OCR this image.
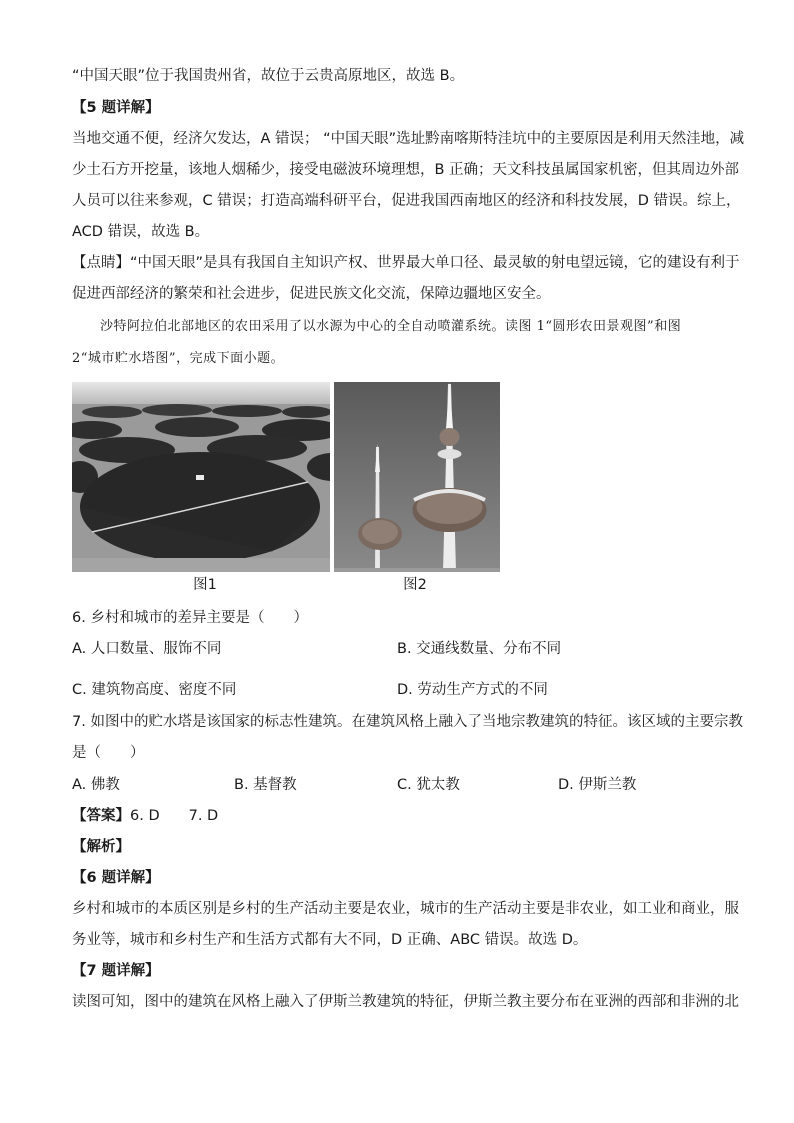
“中国天眼”位于我国贵州省，故位于云贵高原地区，故选 B。
【5 题详解】
当地交通不便，经济欠发达，A 错误； “中国天眼”选址黔南喀斯特洼坑中的主要原因是利用天然洼地，减
少土石方开挖量，该地人烟稀少，接受电磁波环境理想，B 正确；天文科技虽属国家机密，但其周边外部
人员可以往来参观，C 错误；打造高端科研平台，促进我国西南地区的经济和科技发展，D 错误。综上，
ACD 错误，故选 B。
【点睛】“中国天眼”是具有我国自主知识产权、世界最大单口径、最灵敏的射电望远镜，它的建设有利于
促进西部经济的繁荣和社会进步，促进民族文化交流，保障边疆地区安全。
沙特阿拉伯北部地区的农田采用了以水源为中心的全自动喷灌系统。读图 1“圆形农田景观图”和图
2“城市贮水塔图”，完成下面小题。
图1	图2
6. 乡村和城市的差异主要是（　　）
A. 人口数量、服饰不同	B. 交通线数量、分布不同
C. 建筑物高度、密度不同	D. 劳动生产方式的不同
7. 如图中的贮水塔是该国家的标志性建筑。在建筑风格上融入了当地宗教建筑的特征。该区域的主要宗教
是（　　）
A. 佛教	B. 基督教	C. 犹太教	D. 伊斯兰教
【答案】6. D　　7. D
【解析】
【6 题详解】
乡村和城市的本质区别是乡村的生产活动主要是农业，城市的生产活动主要是非农业，如工业和商业，服
务业等，城市和乡村生产和生活方式都有大不同，D 正确、ABC 错误。故选 D。
【7 题详解】
读图可知，图中的建筑在风格上融入了伊斯兰教建筑的特征，伊斯兰教主要分布在亚洲的西部和非洲的北
